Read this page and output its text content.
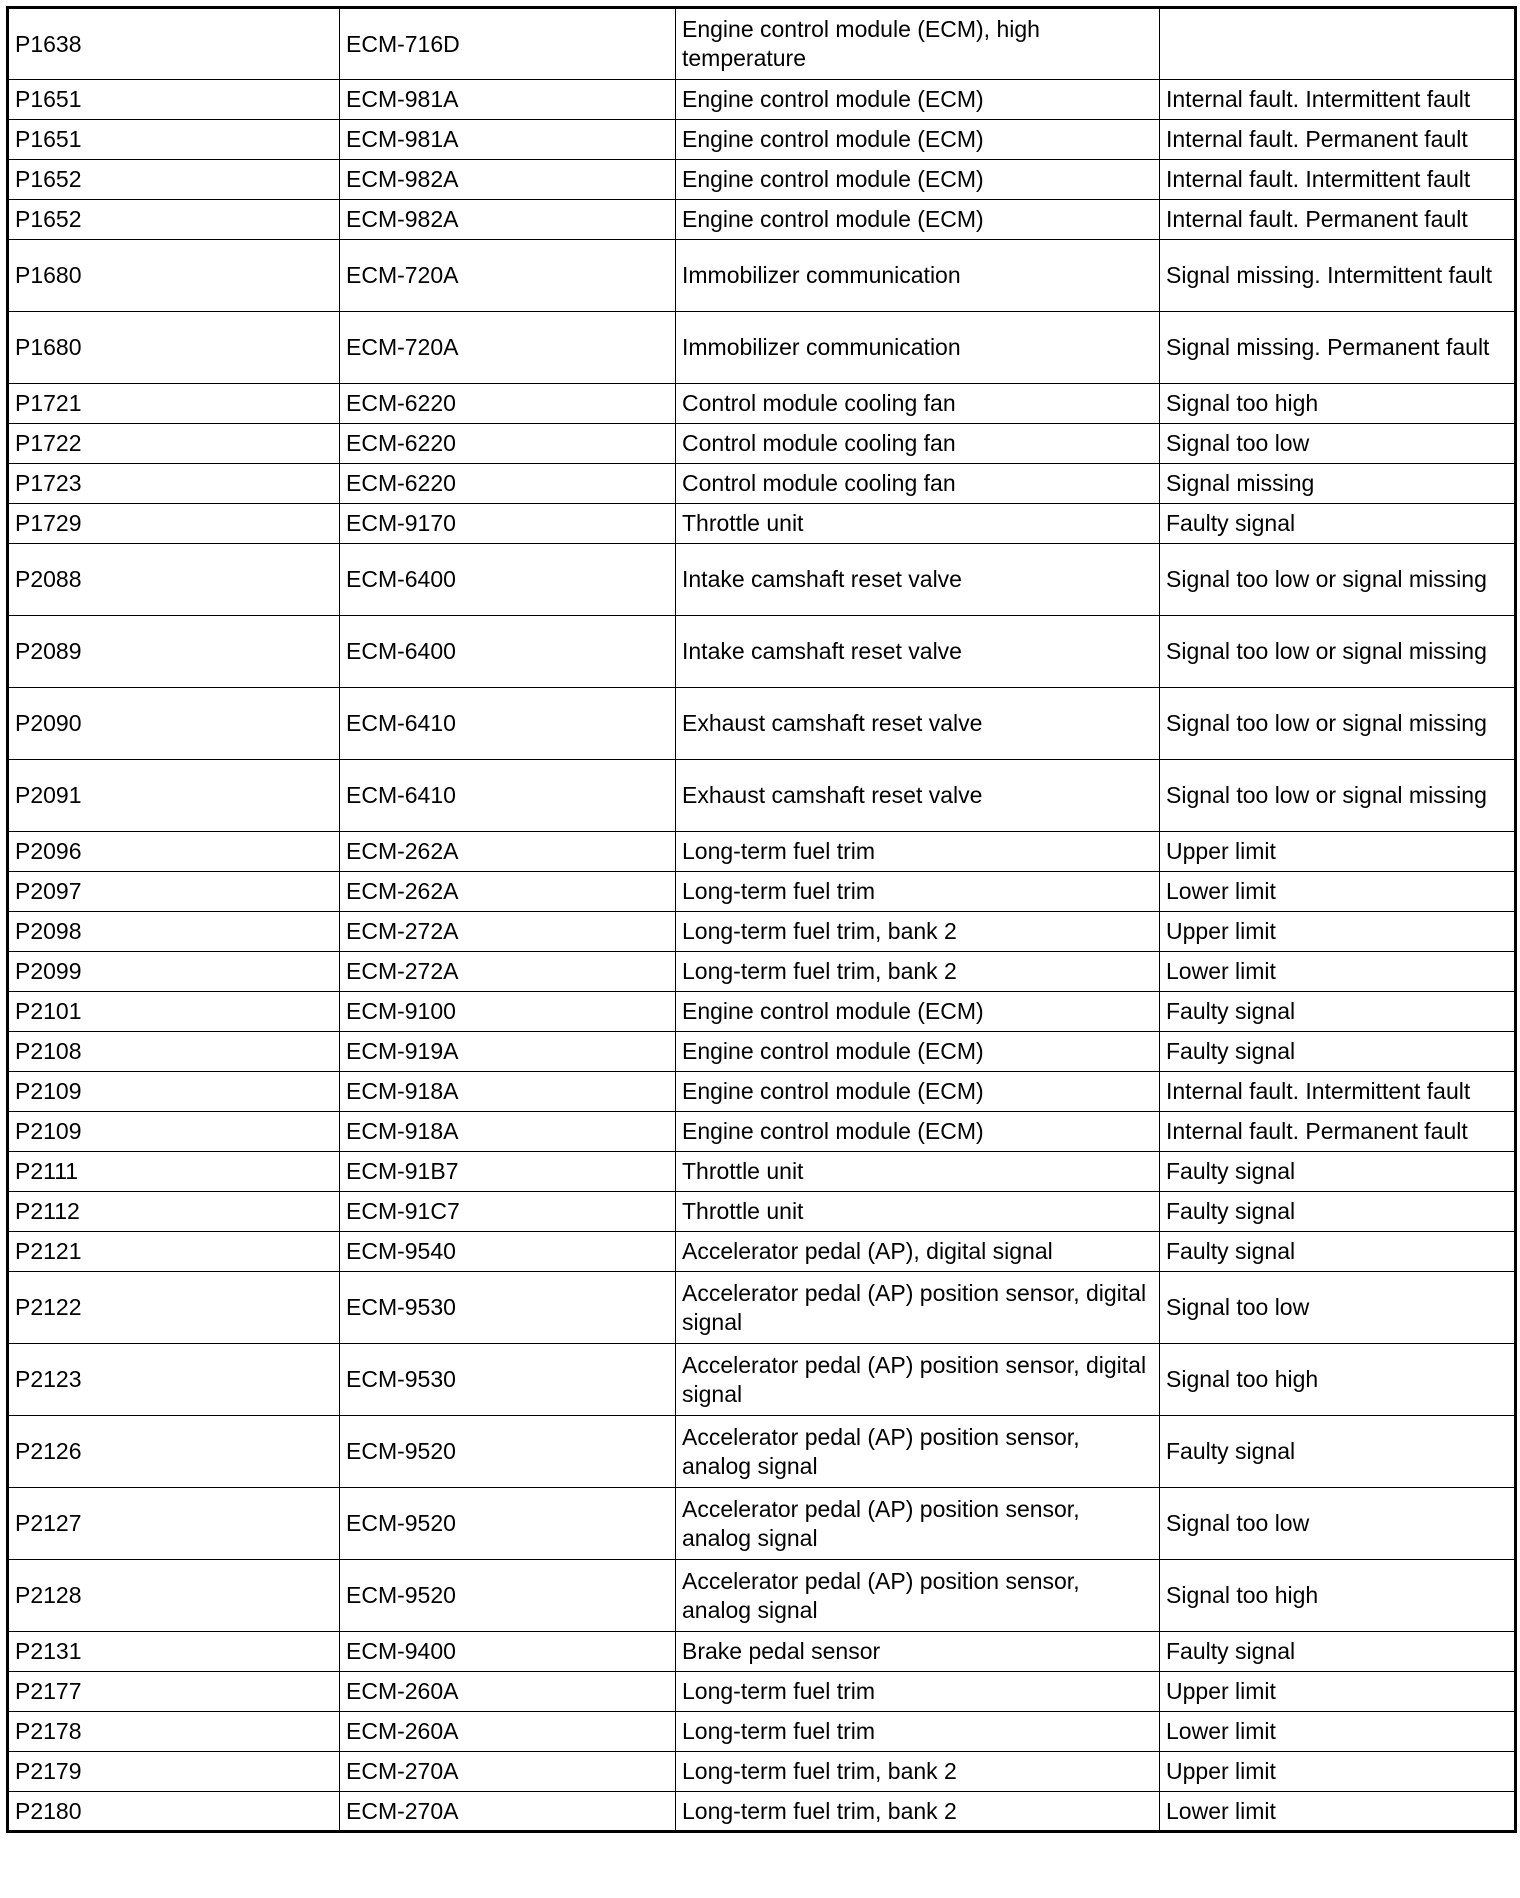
P1638	ECM-716D	Engine control module (ECM), high temperature	
P1651	ECM-981A	Engine control module (ECM)	Internal fault. Intermittent fault
P1651	ECM-981A	Engine control module (ECM)	Internal fault. Permanent fault
P1652	ECM-982A	Engine control module (ECM)	Internal fault. Intermittent fault
P1652	ECM-982A	Engine control module (ECM)	Internal fault. Permanent fault
P1680	ECM-720A	Immobilizer communication	Signal missing. Intermittent fault
P1680	ECM-720A	Immobilizer communication	Signal missing. Permanent fault
P1721	ECM-6220	Control module cooling fan	Signal too high
P1722	ECM-6220	Control module cooling fan	Signal too low
P1723	ECM-6220	Control module cooling fan	Signal missing
P1729	ECM-9170	Throttle unit	Faulty signal
P2088	ECM-6400	Intake camshaft reset valve	Signal too low or signal missing
P2089	ECM-6400	Intake camshaft reset valve	Signal too low or signal missing
P2090	ECM-6410	Exhaust camshaft reset valve	Signal too low or signal missing
P2091	ECM-6410	Exhaust camshaft reset valve	Signal too low or signal missing
P2096	ECM-262A	Long-term fuel trim	Upper limit
P2097	ECM-262A	Long-term fuel trim	Lower limit
P2098	ECM-272A	Long-term fuel trim, bank 2	Upper limit
P2099	ECM-272A	Long-term fuel trim, bank 2	Lower limit
P2101	ECM-9100	Engine control module (ECM)	Faulty signal
P2108	ECM-919A	Engine control module (ECM)	Faulty signal
P2109	ECM-918A	Engine control module (ECM)	Internal fault. Intermittent fault
P2109	ECM-918A	Engine control module (ECM)	Internal fault. Permanent fault
P2111	ECM-91B7	Throttle unit	Faulty signal
P2112	ECM-91C7	Throttle unit	Faulty signal
P2121	ECM-9540	Accelerator pedal (AP), digital signal	Faulty signal
P2122	ECM-9530	Accelerator pedal (AP) position sensor, digital signal	Signal too low
P2123	ECM-9530	Accelerator pedal (AP) position sensor, digital signal	Signal too high
P2126	ECM-9520	Accelerator pedal (AP) position sensor, analog signal	Faulty signal
P2127	ECM-9520	Accelerator pedal (AP) position sensor, analog signal	Signal too low
P2128	ECM-9520	Accelerator pedal (AP) position sensor, analog signal	Signal too high
P2131	ECM-9400	Brake pedal sensor	Faulty signal
P2177	ECM-260A	Long-term fuel trim	Upper limit
P2178	ECM-260A	Long-term fuel trim	Lower limit
P2179	ECM-270A	Long-term fuel trim, bank 2	Upper limit
P2180	ECM-270A	Long-term fuel trim, bank 2	Lower limit
